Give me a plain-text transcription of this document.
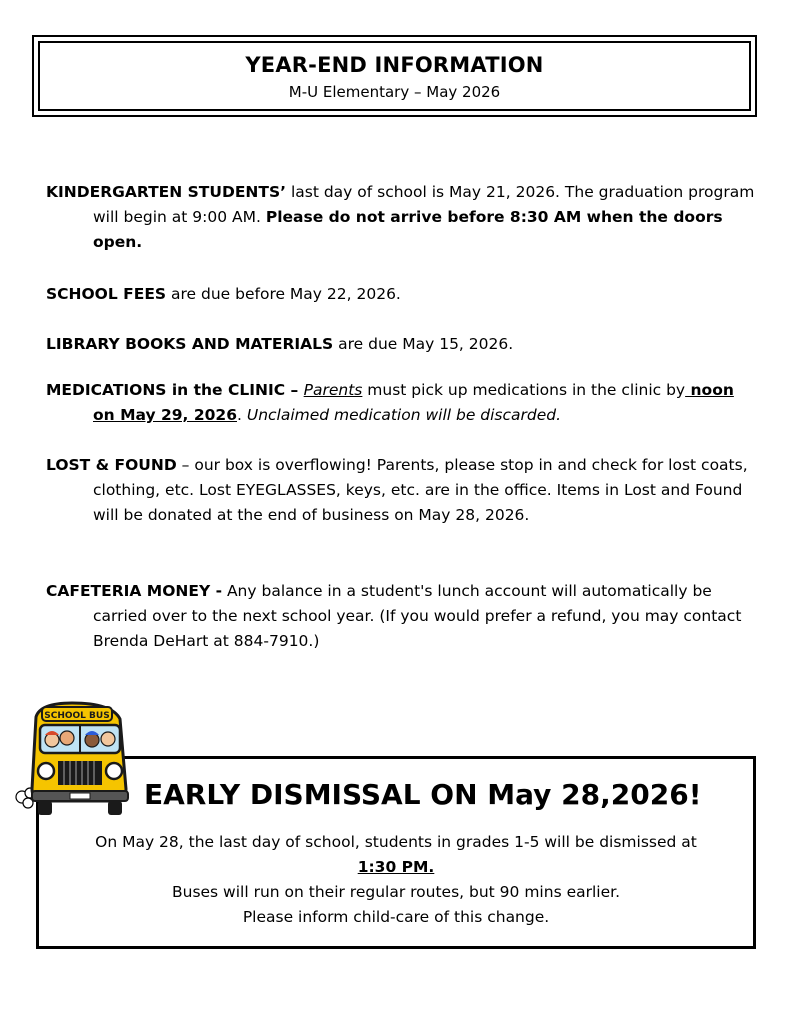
YEAR-END INFORMATION
M-U Elementary – May 2026
KINDERGARTEN STUDENTS’ last day of school is May 21, 2026. The graduation program will begin at 9:00 AM. Please do not arrive before 8:30 AM when the doors open.
SCHOOL FEES are due before May 22, 2026.
LIBRARY BOOKS AND MATERIALS are due May 15, 2026.
MEDICATIONS in the CLINIC – Parents must pick up medications in the clinic by noon on May 29, 2026. Unclaimed medication will be discarded.
LOST & FOUND – our box is overflowing! Parents, please stop in and check for lost coats, clothing, etc. Lost EYEGLASSES, keys, etc. are in the office. Items in Lost and Found will be donated at the end of business on May 28, 2026.
CAFETERIA MONEY - Any balance in a student's lunch account will automatically be carried over to the next school year. (If you would prefer a refund, you may contact Brenda DeHart at 884-7910.)
SCHOOL BUS
EARLY DISMISSAL ON May 28,2026!
On May 28, the last day of school, students in grades 1-5 will be dismissed at
1:30 PM.
Buses will run on their regular routes, but 90 mins earlier.
Please inform child-care of this change.
